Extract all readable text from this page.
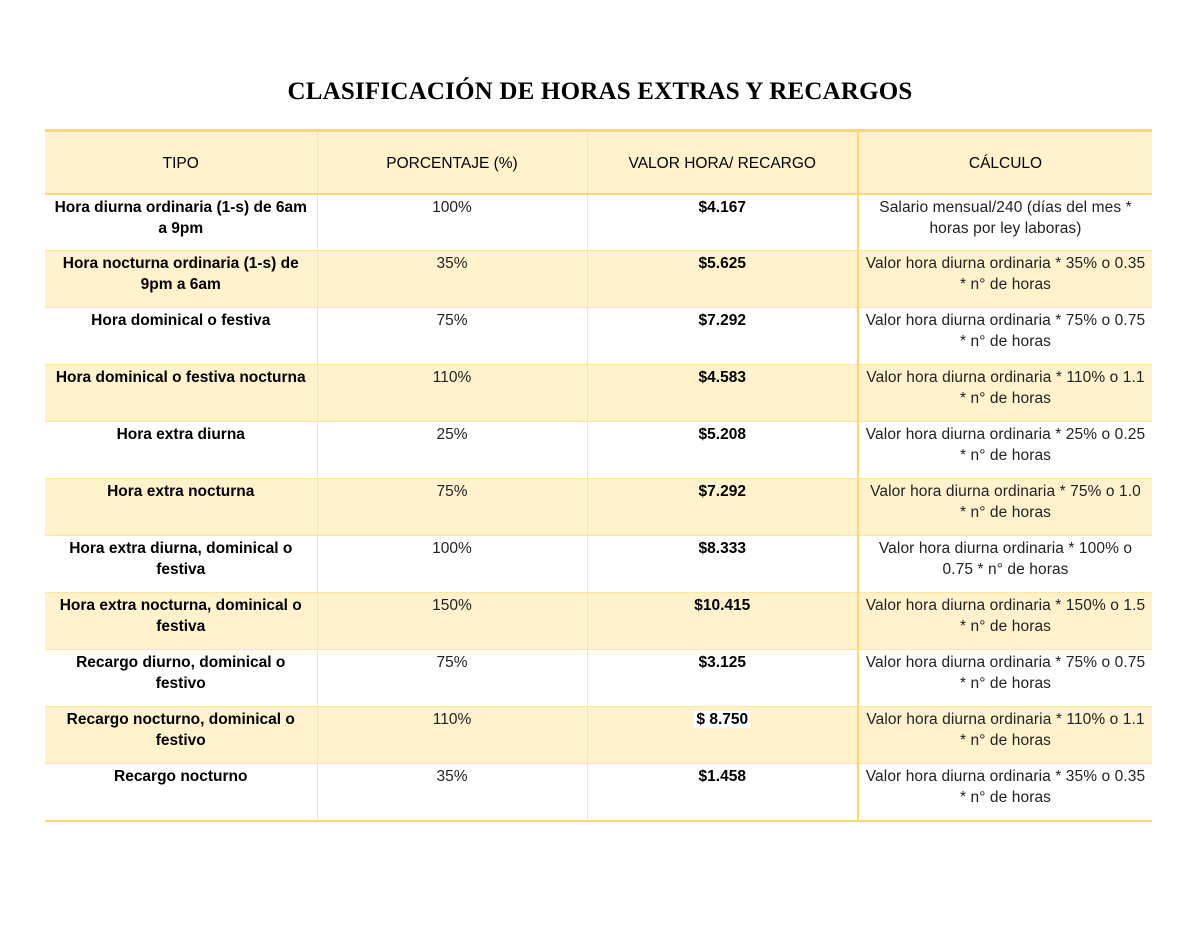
CLASIFICACIÓN DE HORAS EXTRAS Y RECARGOS
TIPO	PORCENTAJE (%)	VALOR HORA/ RECARGO	CÁLCULO
Hora diurna ordinaria (1-s) de 6am a 9pm	100%	$4.167	Salario mensual/240 (días del mes * horas por ley laboras)
Hora nocturna ordinaria (1-s) de 9pm a 6am	35%	$5.625	Valor hora diurna ordinaria * 35% o 0.35 * n° de horas
Hora dominical o festiva	75%	$7.292	Valor hora diurna ordinaria * 75% o 0.75 * n° de horas
Hora dominical o festiva nocturna	110%	$4.583	Valor hora diurna ordinaria * 110% o 1.1 * n° de horas
Hora extra diurna	25%	$5.208	Valor hora diurna ordinaria * 25% o 0.25 * n° de horas
Hora extra nocturna	75%	$7.292	Valor hora diurna ordinaria * 75% o 1.0 * n° de horas
Hora extra diurna, dominical o festiva	100%	$8.333	Valor hora diurna ordinaria * 100% o 0.75 * n° de horas
Hora extra nocturna, dominical o festiva	150%	$10.415	Valor hora diurna ordinaria * 150% o 1.5 * n° de horas
Recargo diurno, dominical o festivo	75%	$3.125	Valor hora diurna ordinaria * 75% o 0.75 * n° de horas
Recargo nocturno, dominical o festivo	110%	$ 8.750	Valor hora diurna ordinaria * 110% o 1.1 * n° de horas
Recargo nocturno	35%	$1.458	Valor hora diurna ordinaria * 35% o 0.35 * n° de horas
